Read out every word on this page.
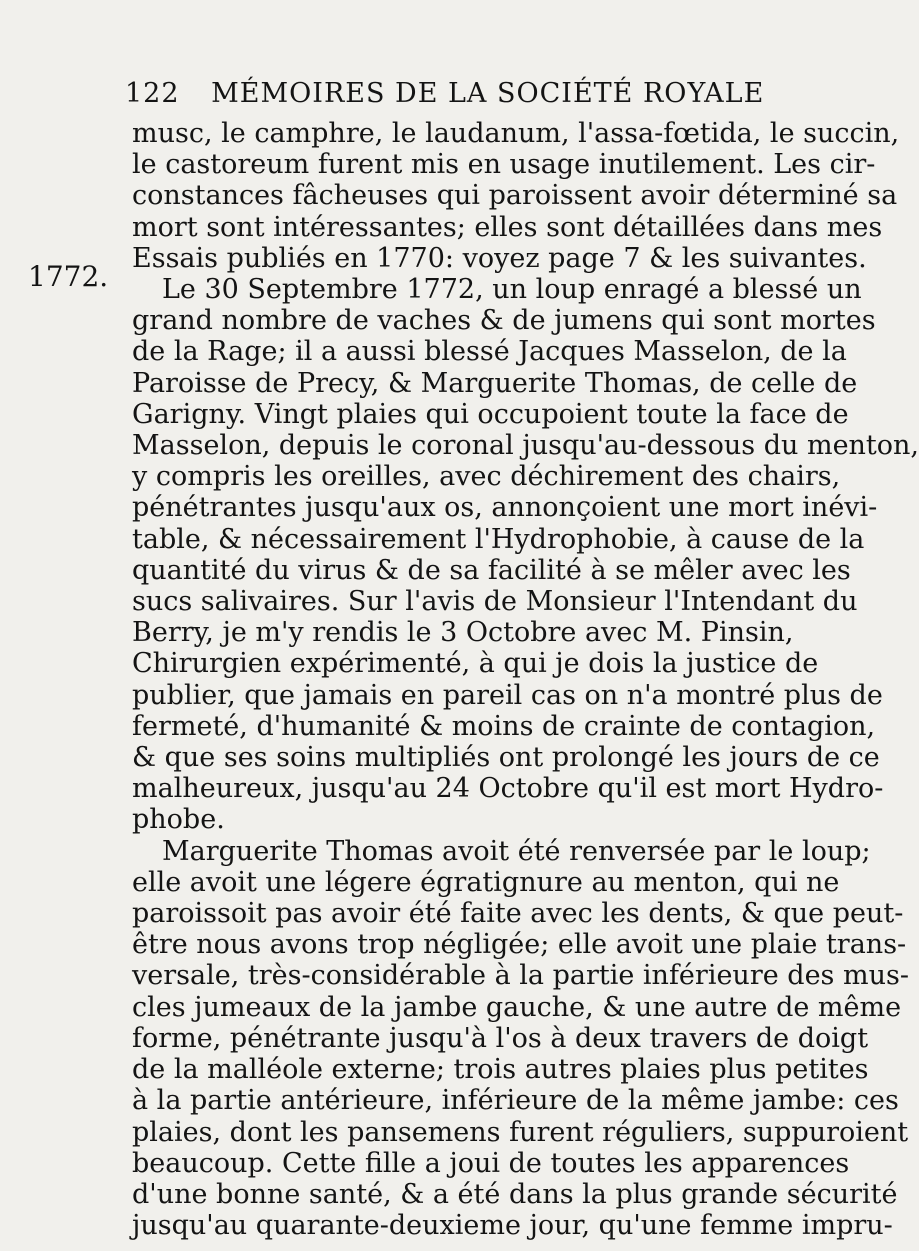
122 MÉMOIRES DE LA SOCIÉTÉ ROYALE
1772.
musc, le camphre, le laudanum, l'assa-fœtida, le succin,
le castoreum furent mis en usage inutilement. Les cir-
constances fâcheuses qui paroissent avoir déterminé sa
mort sont intéressantes; elles sont détaillées dans mes
Essais publiés en 1770: voyez page 7 & les suivantes.
Le 30 Septembre 1772, un loup enragé a blessé un
grand nombre de vaches & de jumens qui sont mortes
de la Rage; il a aussi blessé Jacques Masselon, de la
Paroisse de Precy, & Marguerite Thomas, de celle de
Garigny. Vingt plaies qui occupoient toute la face de
Masselon, depuis le coronal jusqu'au-dessous du menton,
y compris les oreilles, avec déchirement des chairs,
pénétrantes jusqu'aux os, annonçoient une mort inévi-
table, & nécessairement l'Hydrophobie, à cause de la
quantité du virus & de sa facilité à se mêler avec les
sucs salivaires. Sur l'avis de Monsieur l'Intendant du
Berry, je m'y rendis le 3 Octobre avec M. Pinsin,
Chirurgien expérimenté, à qui je dois la justice de
publier, que jamais en pareil cas on n'a montré plus de
fermeté, d'humanité & moins de crainte de contagion,
& que ses soins multipliés ont prolongé les jours de ce
malheureux, jusqu'au 24 Octobre qu'il est mort Hydro-
phobe.
Marguerite Thomas avoit été renversée par le loup;
elle avoit une légere égratignure au menton, qui ne
paroissoit pas avoir été faite avec les dents, & que peut-
être nous avons trop négligée; elle avoit une plaie trans-
versale, très-considérable à la partie inférieure des mus-
cles jumeaux de la jambe gauche, & une autre de même
forme, pénétrante jusqu'à l'os à deux travers de doigt
de la malléole externe; trois autres plaies plus petites
à la partie antérieure, inférieure de la même jambe: ces
plaies, dont les pansemens furent réguliers, suppuroient
beaucoup. Cette fille a joui de toutes les apparences
d'une bonne santé, & a été dans la plus grande sécurité
jusqu'au quarante-deuxieme jour, qu'une femme impru-
